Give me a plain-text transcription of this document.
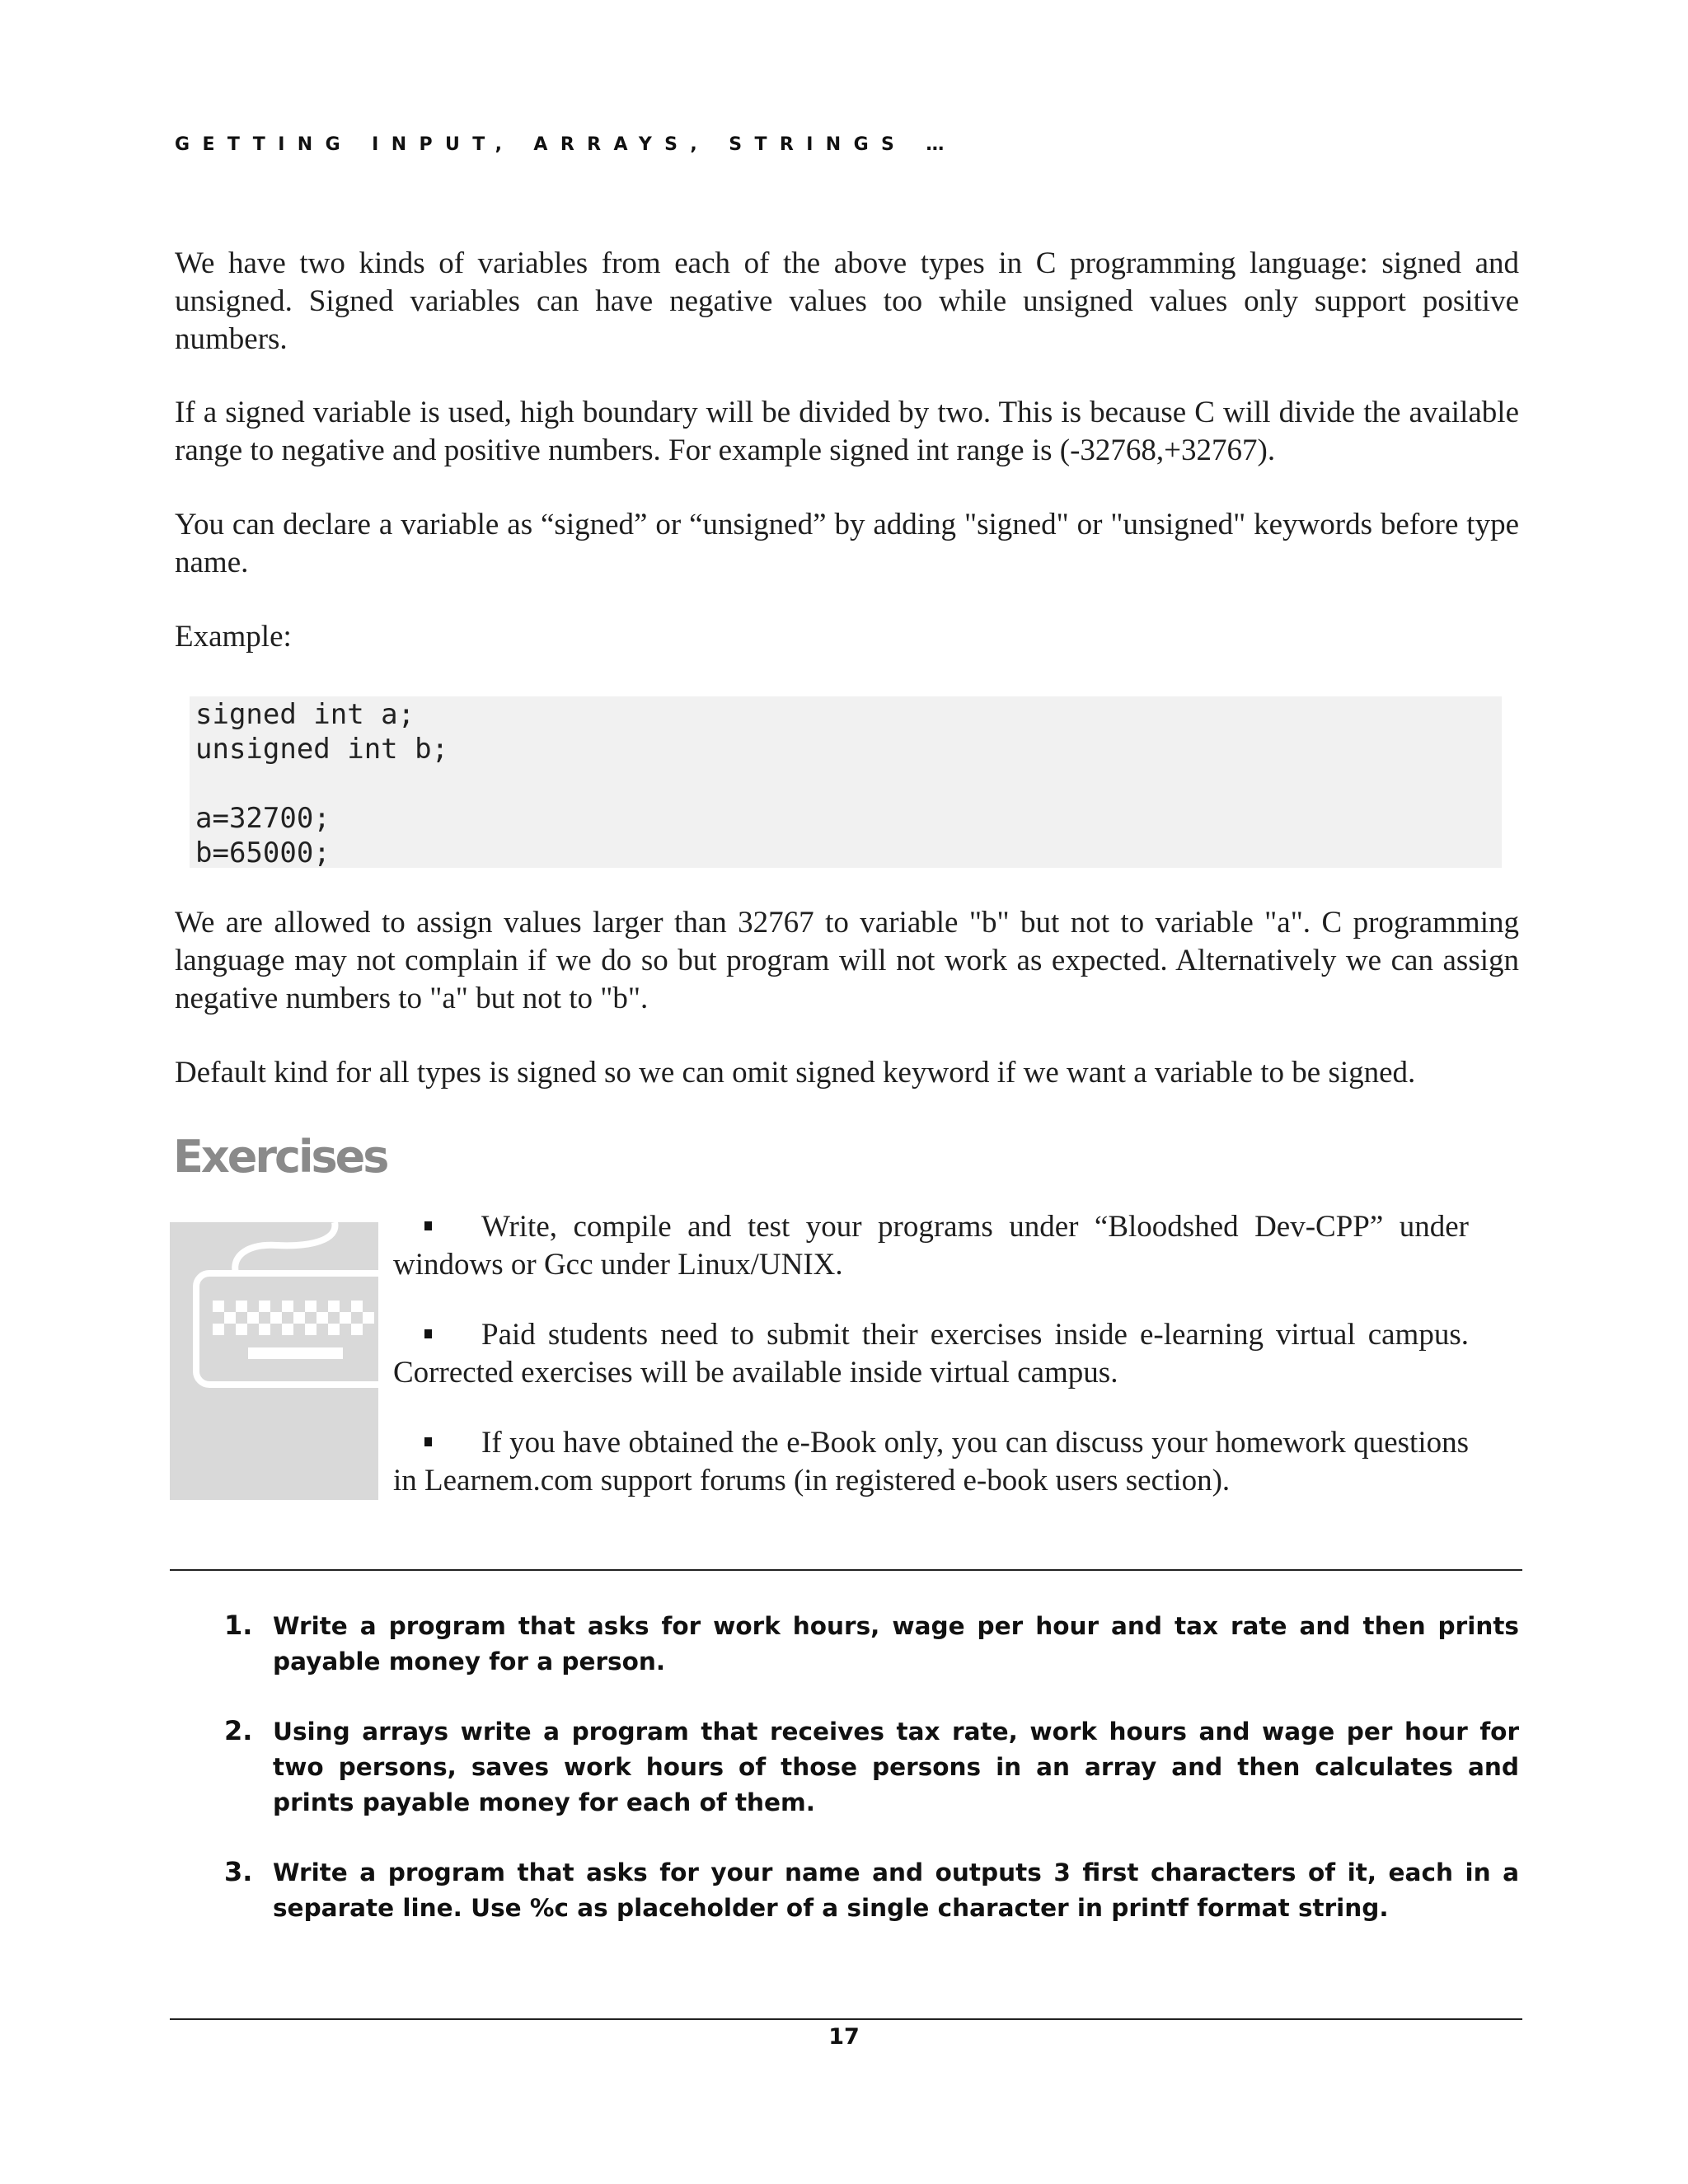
GETTING INPUT, ARRAYS, STRINGS …
We have two kinds of variables from each of the above types in C programming language: signed and unsigned. Signed variables can have negative values too while unsigned values only support positive numbers.
If a signed variable is used, high boundary will be divided by two. This is because C will divide the available range to negative and positive numbers. For example signed int range is (-32768,+32767).
You can declare a variable as “signed” or “unsigned” by adding "signed" or "unsigned" keywords before type name.
Example:
signed int a;
unsigned int b;
a=32700;
b=65000;
We are allowed to assign values larger than 32767 to variable "b" but not to variable "a". C programming language may not complain if we do so but program will not work as expected. Alternatively we can assign negative numbers to "a" but not to "b".
Default kind for all types is signed so we can omit signed keyword if we want a variable to be signed.
Exercises
Write, compile and test your programs under “Bloodshed Dev-CPP” under windows or Gcc under Linux/UNIX.
Paid students need to submit their exercises inside e-learning virtual campus. Corrected exercises will be available inside virtual campus.
If you have obtained the e-Book only, you can discuss your homework questions in Learnem.com support forums (in registered e-book users section).
1. Write a program that asks for work hours, wage per hour and tax rate and then prints payable money for a person.
2. Using arrays write a program that receives tax rate, work hours and wage per hour for two persons, saves work hours of those persons in an array and then calculates and prints payable money for each of them.
3. Write a program that asks for your name and outputs 3 first characters of it, each in a separate line. Use %c as placeholder of a single character in printf format string.
17
